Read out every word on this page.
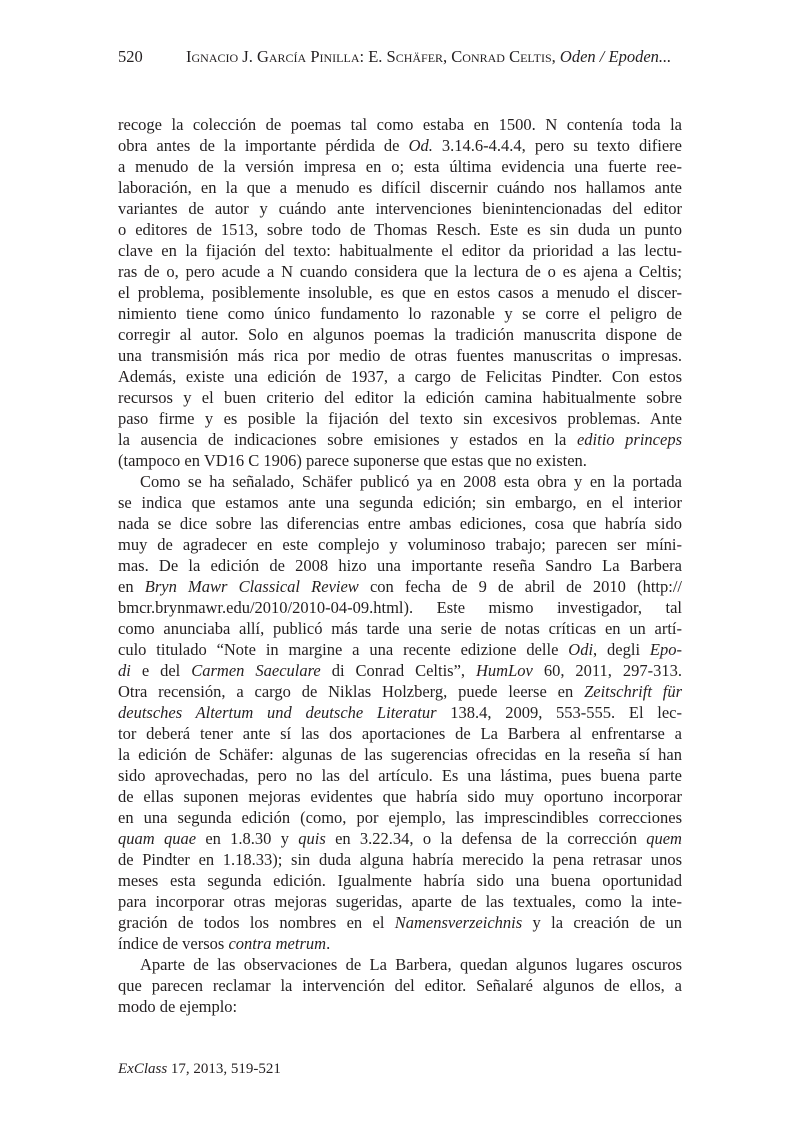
520	Ignacio J. García Pinilla: E. Schäfer, Conrad Celtis, Oden / Epoden...
recoge la colección de poemas tal como estaba en 1500. N contenía toda la
obra antes de la importante pérdida de Od. 3.14.6-4.4.4, pero su texto difiere
a menudo de la versión impresa en o; esta última evidencia una fuerte ree-
laboración, en la que a menudo es difícil discernir cuándo nos hallamos ante
variantes de autor y cuándo ante intervenciones bienintencionadas del editor
o editores de 1513, sobre todo de Thomas Resch. Este es sin duda un punto
clave en la fijación del texto: habitualmente el editor da prioridad a las lectu-
ras de o, pero acude a N cuando considera que la lectura de o es ajena a Celtis;
el problema, posiblemente insoluble, es que en estos casos a menudo el discer-
nimiento tiene como único fundamento lo razonable y se corre el peligro de
corregir al autor. Solo en algunos poemas la tradición manuscrita dispone de
una transmisión más rica por medio de otras fuentes manuscritas o impresas.
Además, existe una edición de 1937, a cargo de Felicitas Pindter. Con estos
recursos y el buen criterio del editor la edición camina habitualmente sobre
paso firme y es posible la fijación del texto sin excesivos problemas. Ante
la ausencia de indicaciones sobre emisiones y estados en la editio princeps
(tampoco en VD16 C 1906) parece suponerse que estas que no existen.
Como se ha señalado, Schäfer publicó ya en 2008 esta obra y en la portada
se indica que estamos ante una segunda edición; sin embargo, en el interior
nada se dice sobre las diferencias entre ambas ediciones, cosa que habría sido
muy de agradecer en este complejo y voluminoso trabajo; parecen ser míni-
mas. De la edición de 2008 hizo una importante reseña Sandro La Barbera
en Bryn Mawr Classical Review con fecha de 9 de abril de 2010 (http://
bmcr.brynmawr.edu/2010/2010-04-09.html). Este mismo investigador, tal
como anunciaba allí, publicó más tarde una serie de notas críticas en un artí-
culo titulado “Note in margine a una recente edizione delle Odi, degli Epo-
di e del Carmen Saeculare di Conrad Celtis”, HumLov 60, 2011, 297-313.
Otra recensión, a cargo de Niklas Holzberg, puede leerse en Zeitschrift für
deutsches Altertum und deutsche Literatur 138.4, 2009, 553-555. El lec-
tor deberá tener ante sí las dos aportaciones de La Barbera al enfrentarse a
la edición de Schäfer: algunas de las sugerencias ofrecidas en la reseña sí han
sido aprovechadas, pero no las del artículo. Es una lástima, pues buena parte
de ellas suponen mejoras evidentes que habría sido muy oportuno incorporar
en una segunda edición (como, por ejemplo, las imprescindibles correcciones
quam quae en 1.8.30 y quis en 3.22.34, o la defensa de la corrección quem
de Pindter en 1.18.33); sin duda alguna habría merecido la pena retrasar unos
meses esta segunda edición. Igualmente habría sido una buena oportunidad
para incorporar otras mejoras sugeridas, aparte de las textuales, como la inte-
gración de todos los nombres en el Namensverzeichnis y la creación de un
índice de versos contra metrum.
Aparte de las observaciones de La Barbera, quedan algunos lugares oscuros
que parecen reclamar la intervención del editor. Señalaré algunos de ellos, a
modo de ejemplo:
ExClass 17, 2013, 519-521
